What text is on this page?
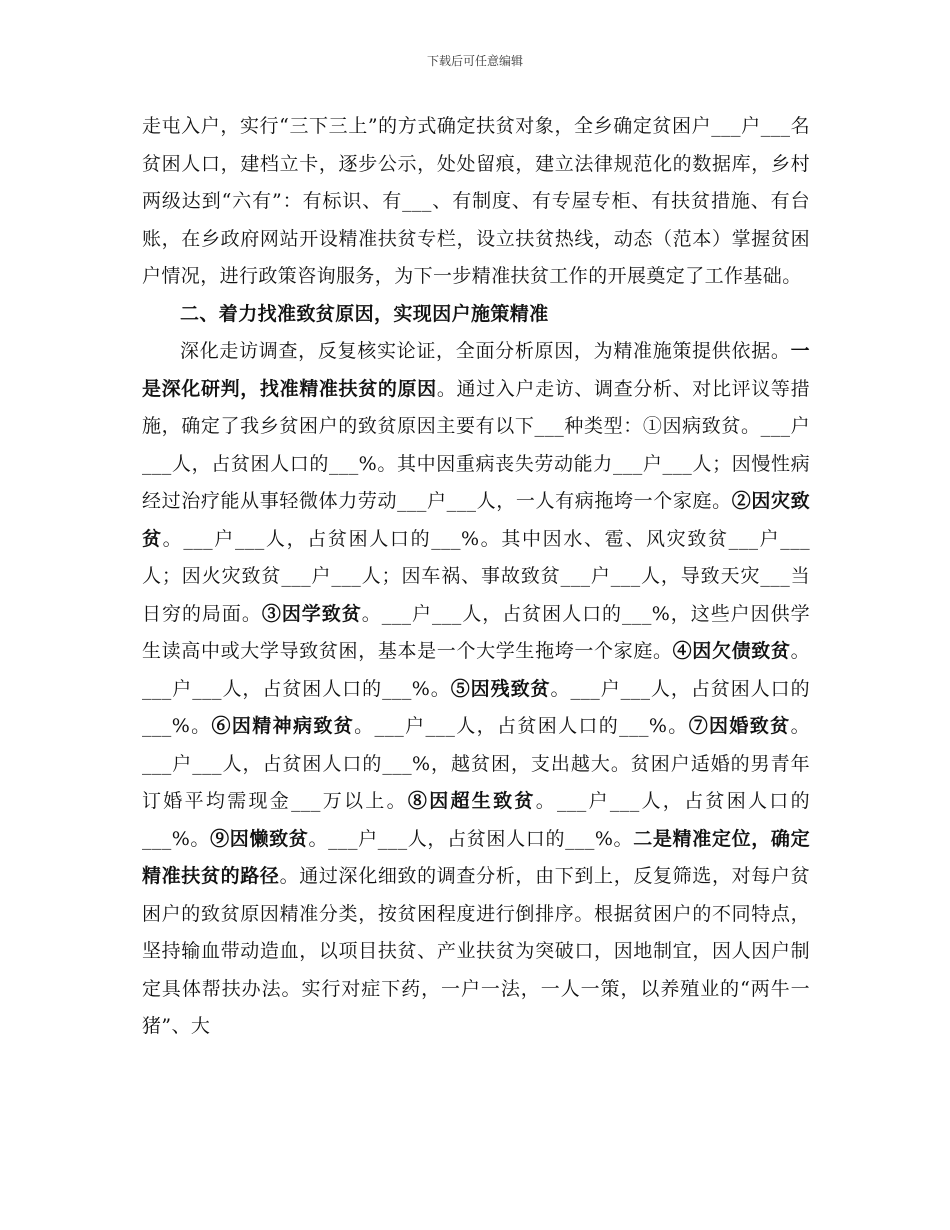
下载后可任意编辑

走屯入户，实行“三下三上”的方式确定扶贫对象，全乡确定贫困户___户___名贫困人口，建档立卡，逐步公示，处处留痕，建立法律规范化的数据库，乡村两级达到“六有”：有标识、有___、有制度、有专屋专柜、有扶贫措施、有台账，在乡政府网站开设精准扶贫专栏，设立扶贫热线，动态（范本）掌握贫困户情况，进行政策咨询服务，为下一步精准扶贫工作的开展奠定了工作基础。

二、着力找准致贫原因，实现因户施策精准

深化走访调查，反复核实论证，全面分析原因，为精准施策提供依据。一是深化研判，找准精准扶贫的原因。通过入户走访、调查分析、对比评议等措施，确定了我乡贫困户的致贫原因主要有以下___种类型：①因病致贫。___户___人，占贫困人口的___%。其中因重病丧失劳动能力___户___人；因慢性病经过治疗能从事轻微体力劳动___户___人，一人有病拖垮一个家庭。②因灾致贫。___户___人，占贫困人口的___%。其中因水、雹、风灾致贫___户___人；因火灾致贫___户___人；因车祸、事故致贫___户___人，导致天灾___当日穷的局面。③因学致贫。___户___人，占贫困人口的___%，这些户因供学生读高中或大学导致贫困，基本是一个大学生拖垮一个家庭。④因欠债致贫。___户___人，占贫困人口的___%。⑤因残致贫。___户___人，占贫困人口的___%。⑥因精神病致贫。___户___人，占贫困人口的___%。⑦因婚致贫。___户___人，占贫困人口的___%，越贫困，支出越大。贫困户适婚的男青年订婚平均需现金___万以上。⑧因超生致贫。___户___人，占贫困人口的___%。⑨因懒致贫。___户___人，占贫困人口的___%。二是精准定位，确定精准扶贫的路径。通过深化细致的调查分析，由下到上，反复筛选，对每户贫困户的致贫原因精准分类，按贫困程度进行倒排序。根据贫困户的不同特点，坚持输血带动造血，以项目扶贫、产业扶贫为突破口，因地制宜，因人因户制定具体帮扶办法。实行对症下药，一户一法，一人一策，以养殖业的“两牛一猪”、大
